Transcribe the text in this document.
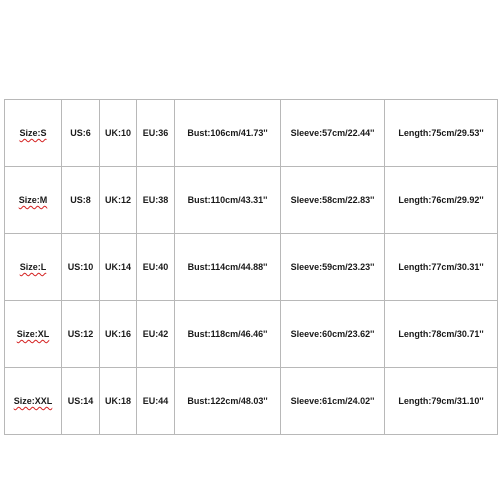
Size:S	US:6	UK:10	EU:36	Bust:106cm/41.73''	Sleeve:57cm/22.44''	Length:75cm/29.53''
Size:M	US:8	UK:12	EU:38	Bust:110cm/43.31''	Sleeve:58cm/22.83''	Length:76cm/29.92''
Size:L	US:10	UK:14	EU:40	Bust:114cm/44.88''	Sleeve:59cm/23.23''	Length:77cm/30.31''
Size:XL	US:12	UK:16	EU:42	Bust:118cm/46.46''	Sleeve:60cm/23.62''	Length:78cm/30.71''
Size:XXL	US:14	UK:18	EU:44	Bust:122cm/48.03''	Sleeve:61cm/24.02''	Length:79cm/31.10''
